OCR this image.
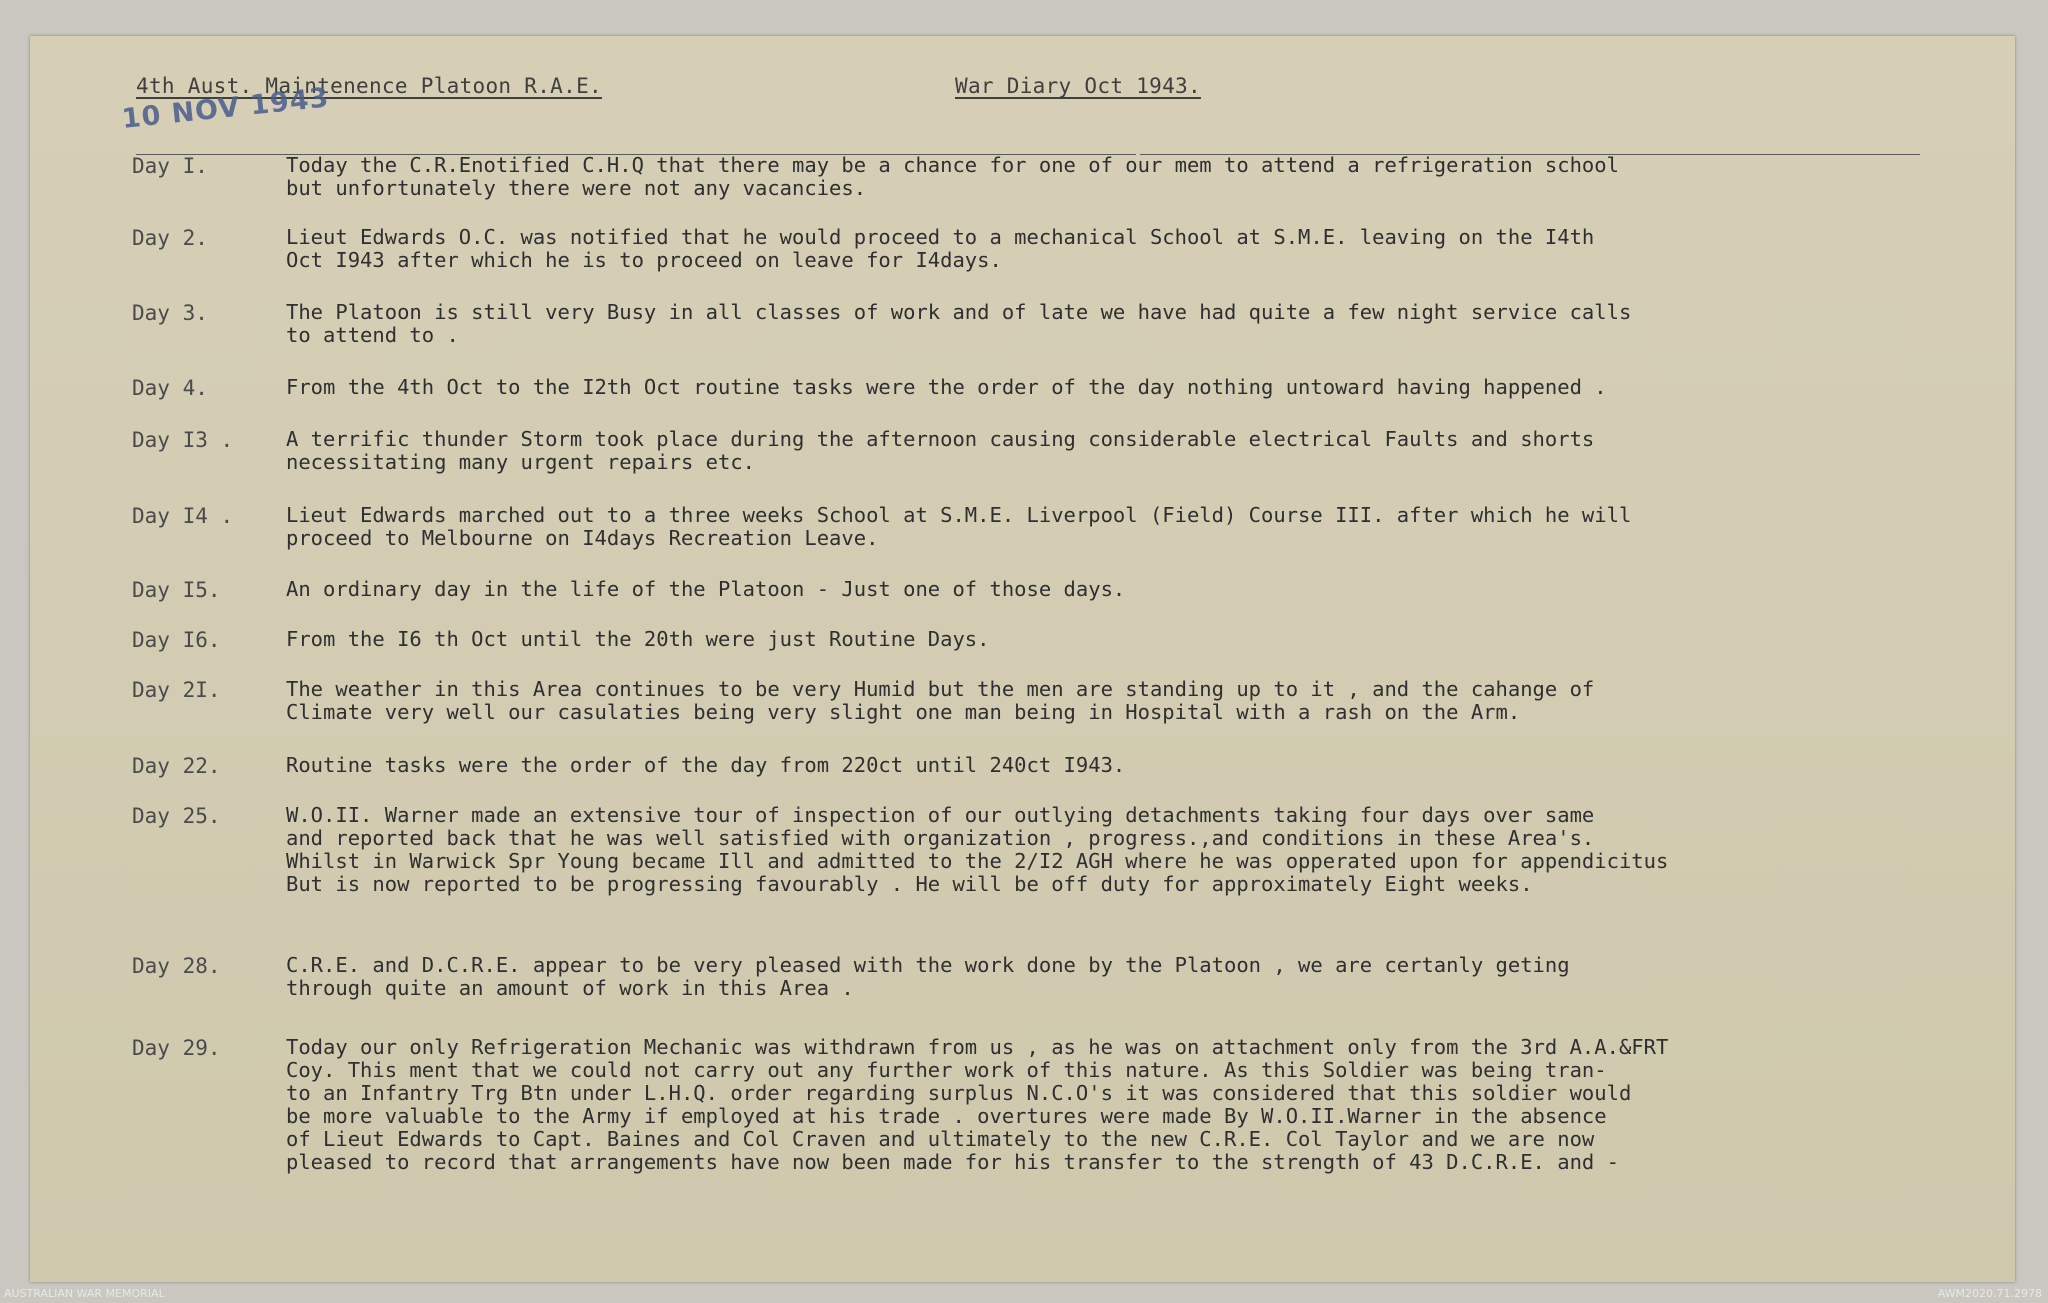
4th Aust. Maintenence Platoon R.A.E.	War Diary Oct 1943.
10 NOV 1943
Day I.	Today the C.R.Enotified C.H.Q that there may be a chance for one of our mem to attend a refrigeration school
but unfortunately there were not any vacancies.
Day 2.	Lieut Edwards O.C. was notified that he would proceed to a mechanical School at S.M.E. leaving on the I4th
Oct I943 after which he is to proceed on leave for I4days.
Day 3.	The Platoon is still very Busy in all classes of work and of late we have had quite a few night service calls
to attend to .
Day 4.	From the 4th Oct to the I2th Oct routine tasks were the order of the day nothing untoward having happened .
Day I3 .	A terrific thunder Storm took place during the afternoon causing considerable electrical Faults and shorts
necessitating many urgent repairs etc.
Day I4 .	Lieut Edwards marched out to a three weeks School at S.M.E. Liverpool (Field) Course III. after which he will
proceed to Melbourne on I4days Recreation Leave.
Day I5.	An ordinary day in the life of the Platoon - Just one of those days.
Day I6.	From the I6 th Oct until the 20th were just Routine Days.
Day 2I.	The weather in this Area continues to be very Humid but the men are standing up to it , and the cahange of
Climate very well our casulaties being very slight one man being in Hospital with a rash on the Arm.
Day 22.	Routine tasks were the order of the day from 220ct until 240ct I943.
Day 25.	W.O.II. Warner made an extensive tour of inspection of our outlying detachments taking four days over same
and reported back that he was well satisfied with organization , progress.,and conditions in these Area's.
Whilst in Warwick Spr Young became Ill and admitted to the 2/I2 AGH where he was opperated upon for appendicitus
But is now reported to be progressing favourably . He will be off duty for approximately Eight weeks.
Day 28.	C.R.E. and D.C.R.E. appear to be very pleased with the work done by the Platoon , we are certanly geting
through quite an amount of work in this Area .
Day 29.	Today our only Refrigeration Mechanic was withdrawn from us , as he was on attachment only from the 3rd A.A.&FRT
Coy. This ment that we could not carry out any further work of this nature. As this Soldier was being tran-
to an Infantry Trg Btn under L.H.Q. order regarding surplus N.C.O's it was considered that this soldier would
be more valuable to the Army if employed at his trade . overtures were made By W.O.II.Warner in the absence
of Lieut Edwards to Capt. Baines and Col Craven and ultimately to the new C.R.E. Col Taylor and we are now
pleased to record that arrangements have now been made for his transfer to the strength of 43 D.C.R.E. and -
AUSTRALIAN WAR MEMORIAL	AWM2020.71.2978
